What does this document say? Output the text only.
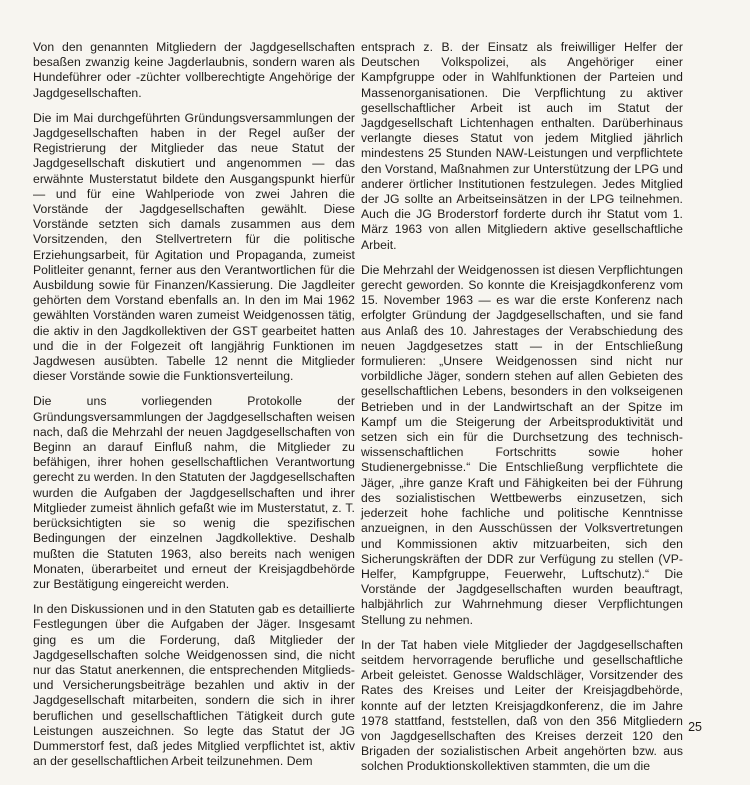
Von den genannten Mitgliedern der Jagdgesellschaften besaßen zwanzig keine Jagderlaubnis, sondern waren als Hundeführer oder -züchter vollberechtigte Angehörige der Jagdgesellschaften.

Die im Mai durchgeführten Gründungsversammlungen der Jagdgesellschaften haben in der Regel außer der Registrierung der Mitglieder das neue Statut der Jagdgesellschaft diskutiert und angenommen — das erwähnte Musterstatut bildete den Ausgangspunkt hierfür — und für eine Wahlperiode von zwei Jahren die Vorstände der Jagdgesellschaften gewählt. Diese Vorstände setzten sich damals zusammen aus dem Vorsitzenden, den Stellvertretern für die politische Erziehungsarbeit, für Agitation und Propaganda, zumeist Politleiter genannt, ferner aus den Verantwortlichen für die Ausbildung sowie für Finanzen/Kassierung. Die Jagdleiter gehörten dem Vorstand ebenfalls an. In den im Mai 1962 gewählten Vorständen waren zumeist Weidgenossen tätig, die aktiv in den Jagdkollektiven der GST gearbeitet hatten und die in der Folgezeit oft langjährig Funktionen im Jagdwesen ausübten. Tabelle 12 nennt die Mitglieder dieser Vorstände sowie die Funktionsverteilung.

Die uns vorliegenden Protokolle der Gründungsversammlungen der Jagdgesellschaften weisen nach, daß die Mehrzahl der neuen Jagdgesellschaften von Beginn an darauf Einfluß nahm, die Mitglieder zu befähigen, ihrer hohen gesellschaftlichen Verantwortung gerecht zu werden. In den Statuten der Jagdgesellschaften wurden die Aufgaben der Jagdgesellschaften und ihrer Mitglieder zumeist ähnlich gefaßt wie im Musterstatut, z. T. berücksichtigten sie so wenig die spezifischen Bedingungen der einzelnen Jagdkollektive. Deshalb mußten die Statuten 1963, also bereits nach wenigen Monaten, überarbeitet und erneut der Kreisjagdbehörde zur Bestätigung eingereicht werden.

In den Diskussionen und in den Statuten gab es detaillierte Festlegungen über die Aufgaben der Jäger. Insgesamt ging es um die Forderung, daß Mitglieder der Jagdgesellschaften solche Weidgenossen sind, die nicht nur das Statut anerkennen, die entsprechenden Mitglieds- und Versicherungsbeiträge bezahlen und aktiv in der Jagdgesellschaft mitarbeiten, sondern die sich in ihrer beruflichen und gesellschaftlichen Tätigkeit durch gute Leistungen auszeichnen. So legte das Statut der JG Dummerstorf fest, daß jedes Mitglied verpflichtet ist, aktiv an der gesellschaftlichen Arbeit teilzunehmen. Dem

entsprach z. B. der Einsatz als freiwilliger Helfer der Deutschen Volkspolizei, als Angehöriger einer Kampfgruppe oder in Wahlfunktionen der Parteien und Massenorganisationen. Die Verpflichtung zu aktiver gesellschaftlicher Arbeit ist auch im Statut der Jagdgesellschaft Lichtenhagen enthalten. Darüberhinaus verlangte dieses Statut von jedem Mitglied jährlich mindestens 25 Stunden NAW-Leistungen und verpflichtete den Vorstand, Maßnahmen zur Unterstützung der LPG und anderer örtlicher Institutionen festzulegen. Jedes Mitglied der JG sollte an Arbeitseinsätzen in der LPG teilnehmen. Auch die JG Broderstorf forderte durch ihr Statut vom 1. März 1963 von allen Mitgliedern aktive gesellschaftliche Arbeit.

Die Mehrzahl der Weidgenossen ist diesen Verpflichtungen gerecht geworden. So konnte die Kreisjagdkonferenz vom 15. November 1963 — es war die erste Konferenz nach erfolgter Gründung der Jagdgesellschaften, und sie fand aus Anlaß des 10. Jahrestages der Verabschiedung des neuen Jagdgesetzes statt — in der Entschließung formulieren: „Unsere Weidgenossen sind nicht nur vorbildliche Jäger, sondern stehen auf allen Gebieten des gesellschaftlichen Lebens, besonders in den volkseigenen Betrieben und in der Landwirtschaft an der Spitze im Kampf um die Steigerung der Arbeitsproduktivität und setzen sich ein für die Durchsetzung des technisch-wissenschaftlichen Fortschritts sowie hoher Studienergebnisse.“ Die Entschließung verpflichtete die Jäger, „ihre ganze Kraft und Fähigkeiten bei der Führung des sozialistischen Wettbewerbs einzusetzen, sich jederzeit hohe fachliche und politische Kenntnisse anzueignen, in den Ausschüssen der Volksvertretungen und Kommissionen aktiv mitzuarbeiten, sich den Sicherungskräften der DDR zur Verfügung zu stellen (VP-Helfer, Kampfgruppe, Feuerwehr, Luftschutz).“ Die Vorstände der Jagdgesellschaften wurden beauftragt, halbjährlich zur Wahrnehmung dieser Verpflichtungen Stellung zu nehmen.

In der Tat haben viele Mitglieder der Jagdgesellschaften seitdem hervorragende berufliche und gesellschaftliche Arbeit geleistet. Genosse Waldschläger, Vorsitzender des Rates des Kreises und Leiter der Kreisjagdbehörde, konnte auf der letzten Kreisjagdkonferenz, die im Jahre 1978 stattfand, feststellen, daß von den 356 Mitgliedern von Jagdgesellschaften des Kreises derzeit 120 den Brigaden der sozialistischen Arbeit angehörten bzw. aus solchen Produktionskollektiven stammten, die um die

25
